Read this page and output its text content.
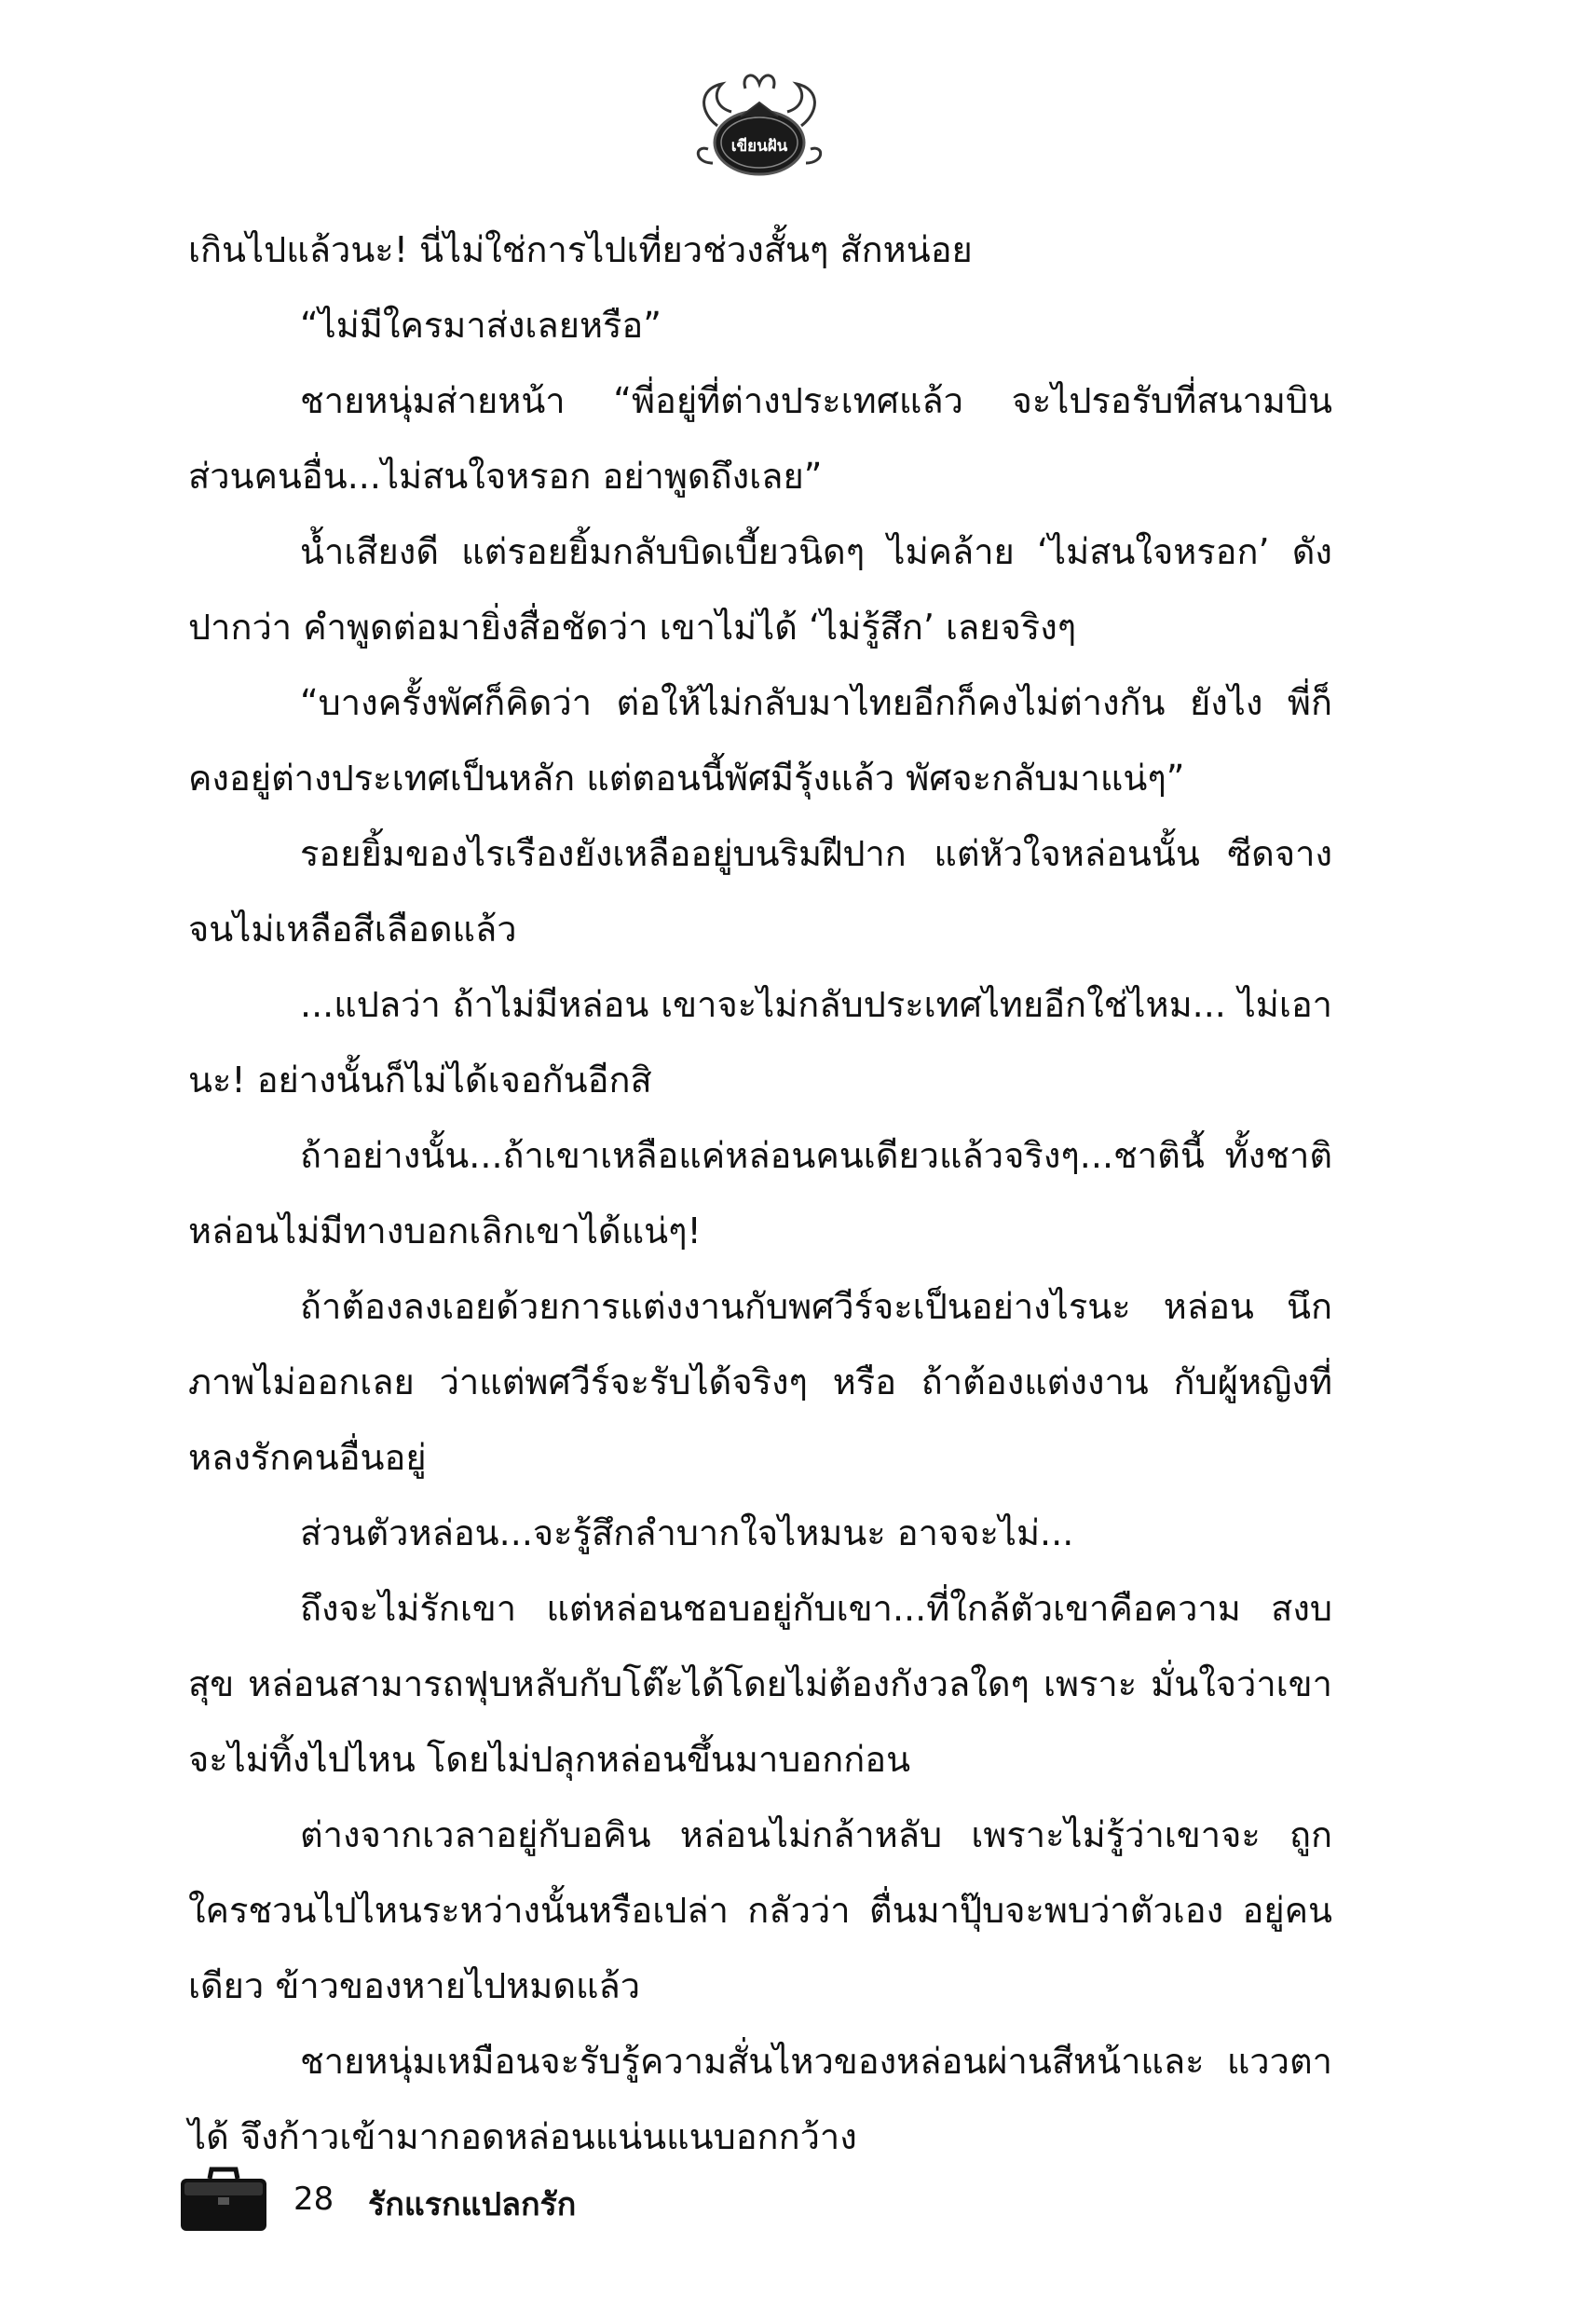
เขียนฝัน

เกินไปแล้วนะ! นี่ไม่ใช่การไปเที่ยวช่วงสั้นๆ สักหน่อย

“ไม่มีใครมาส่งเลยหรือ”

ชายหนุ่มส่ายหน้า “พี่อยู่ที่ต่างประเทศแล้ว จะไปรอรับที่สนามบิน ส่วนคนอื่น...ไม่สนใจหรอก อย่าพูดถึงเลย”

น้ำเสียงดี แต่รอยยิ้มกลับบิดเบี้ยวนิดๆ ไม่คล้าย ‘ไม่สนใจหรอก’ ดังปากว่า คำพูดต่อมายิ่งสื่อชัดว่า เขาไม่ได้ ‘ไม่รู้สึก’ เลยจริงๆ

“บางครั้งพัศก็คิดว่า ต่อให้ไม่กลับมาไทยอีกก็คงไม่ต่างกัน ยังไง พี่ก็คงอยู่ต่างประเทศเป็นหลัก แต่ตอนนี้พัศมีรุ้งแล้ว พัศจะกลับมาแน่ๆ”

รอยยิ้มของไรเรืองยังเหลืออยู่บนริมฝีปาก แต่หัวใจหล่อนนั้น ซีดจางจนไม่เหลือสีเลือดแล้ว

...แปลว่า ถ้าไม่มีหล่อน เขาจะไม่กลับประเทศไทยอีกใช่ไหม... ไม่เอานะ! อย่างนั้นก็ไม่ได้เจอกันอีกสิ

ถ้าอย่างนั้น...ถ้าเขาเหลือแค่หล่อนคนเดียวแล้วจริงๆ...ชาตินี้ ทั้งชาติ หล่อนไม่มีทางบอกเลิกเขาได้แน่ๆ!

ถ้าต้องลงเอยด้วยการแต่งงานกับพศวีร์จะเป็นอย่างไรนะ หล่อน นึกภาพไม่ออกเลย ว่าแต่พศวีร์จะรับได้จริงๆ หรือ ถ้าต้องแต่งงาน กับผู้หญิงที่หลงรักคนอื่นอยู่

ส่วนตัวหล่อน...จะรู้สึกลำบากใจไหมนะ อาจจะไม่...

ถึงจะไม่รักเขา แต่หล่อนชอบอยู่กับเขา...ที่ใกล้ตัวเขาคือความ สงบสุข หล่อนสามารถฟุบหลับกับโต๊ะได้โดยไม่ต้องกังวลใดๆ เพราะ มั่นใจว่าเขาจะไม่ทิ้งไปไหน โดยไม่ปลุกหล่อนขึ้นมาบอกก่อน

ต่างจากเวลาอยู่กับอคิน หล่อนไม่กล้าหลับ เพราะไม่รู้ว่าเขาจะ ถูกใครชวนไปไหนระหว่างนั้นหรือเปล่า กลัวว่า ตื่นมาปุ๊บจะพบว่าตัวเอง อยู่คนเดียว ข้าวของหายไปหมดแล้ว

ชายหนุ่มเหมือนจะรับรู้ความสั่นไหวของหล่อนผ่านสีหน้าและ แววตาได้ จึงก้าวเข้ามากอดหล่อนแน่นแนบอกกว้าง

28 รักแรกแปลกรัก
